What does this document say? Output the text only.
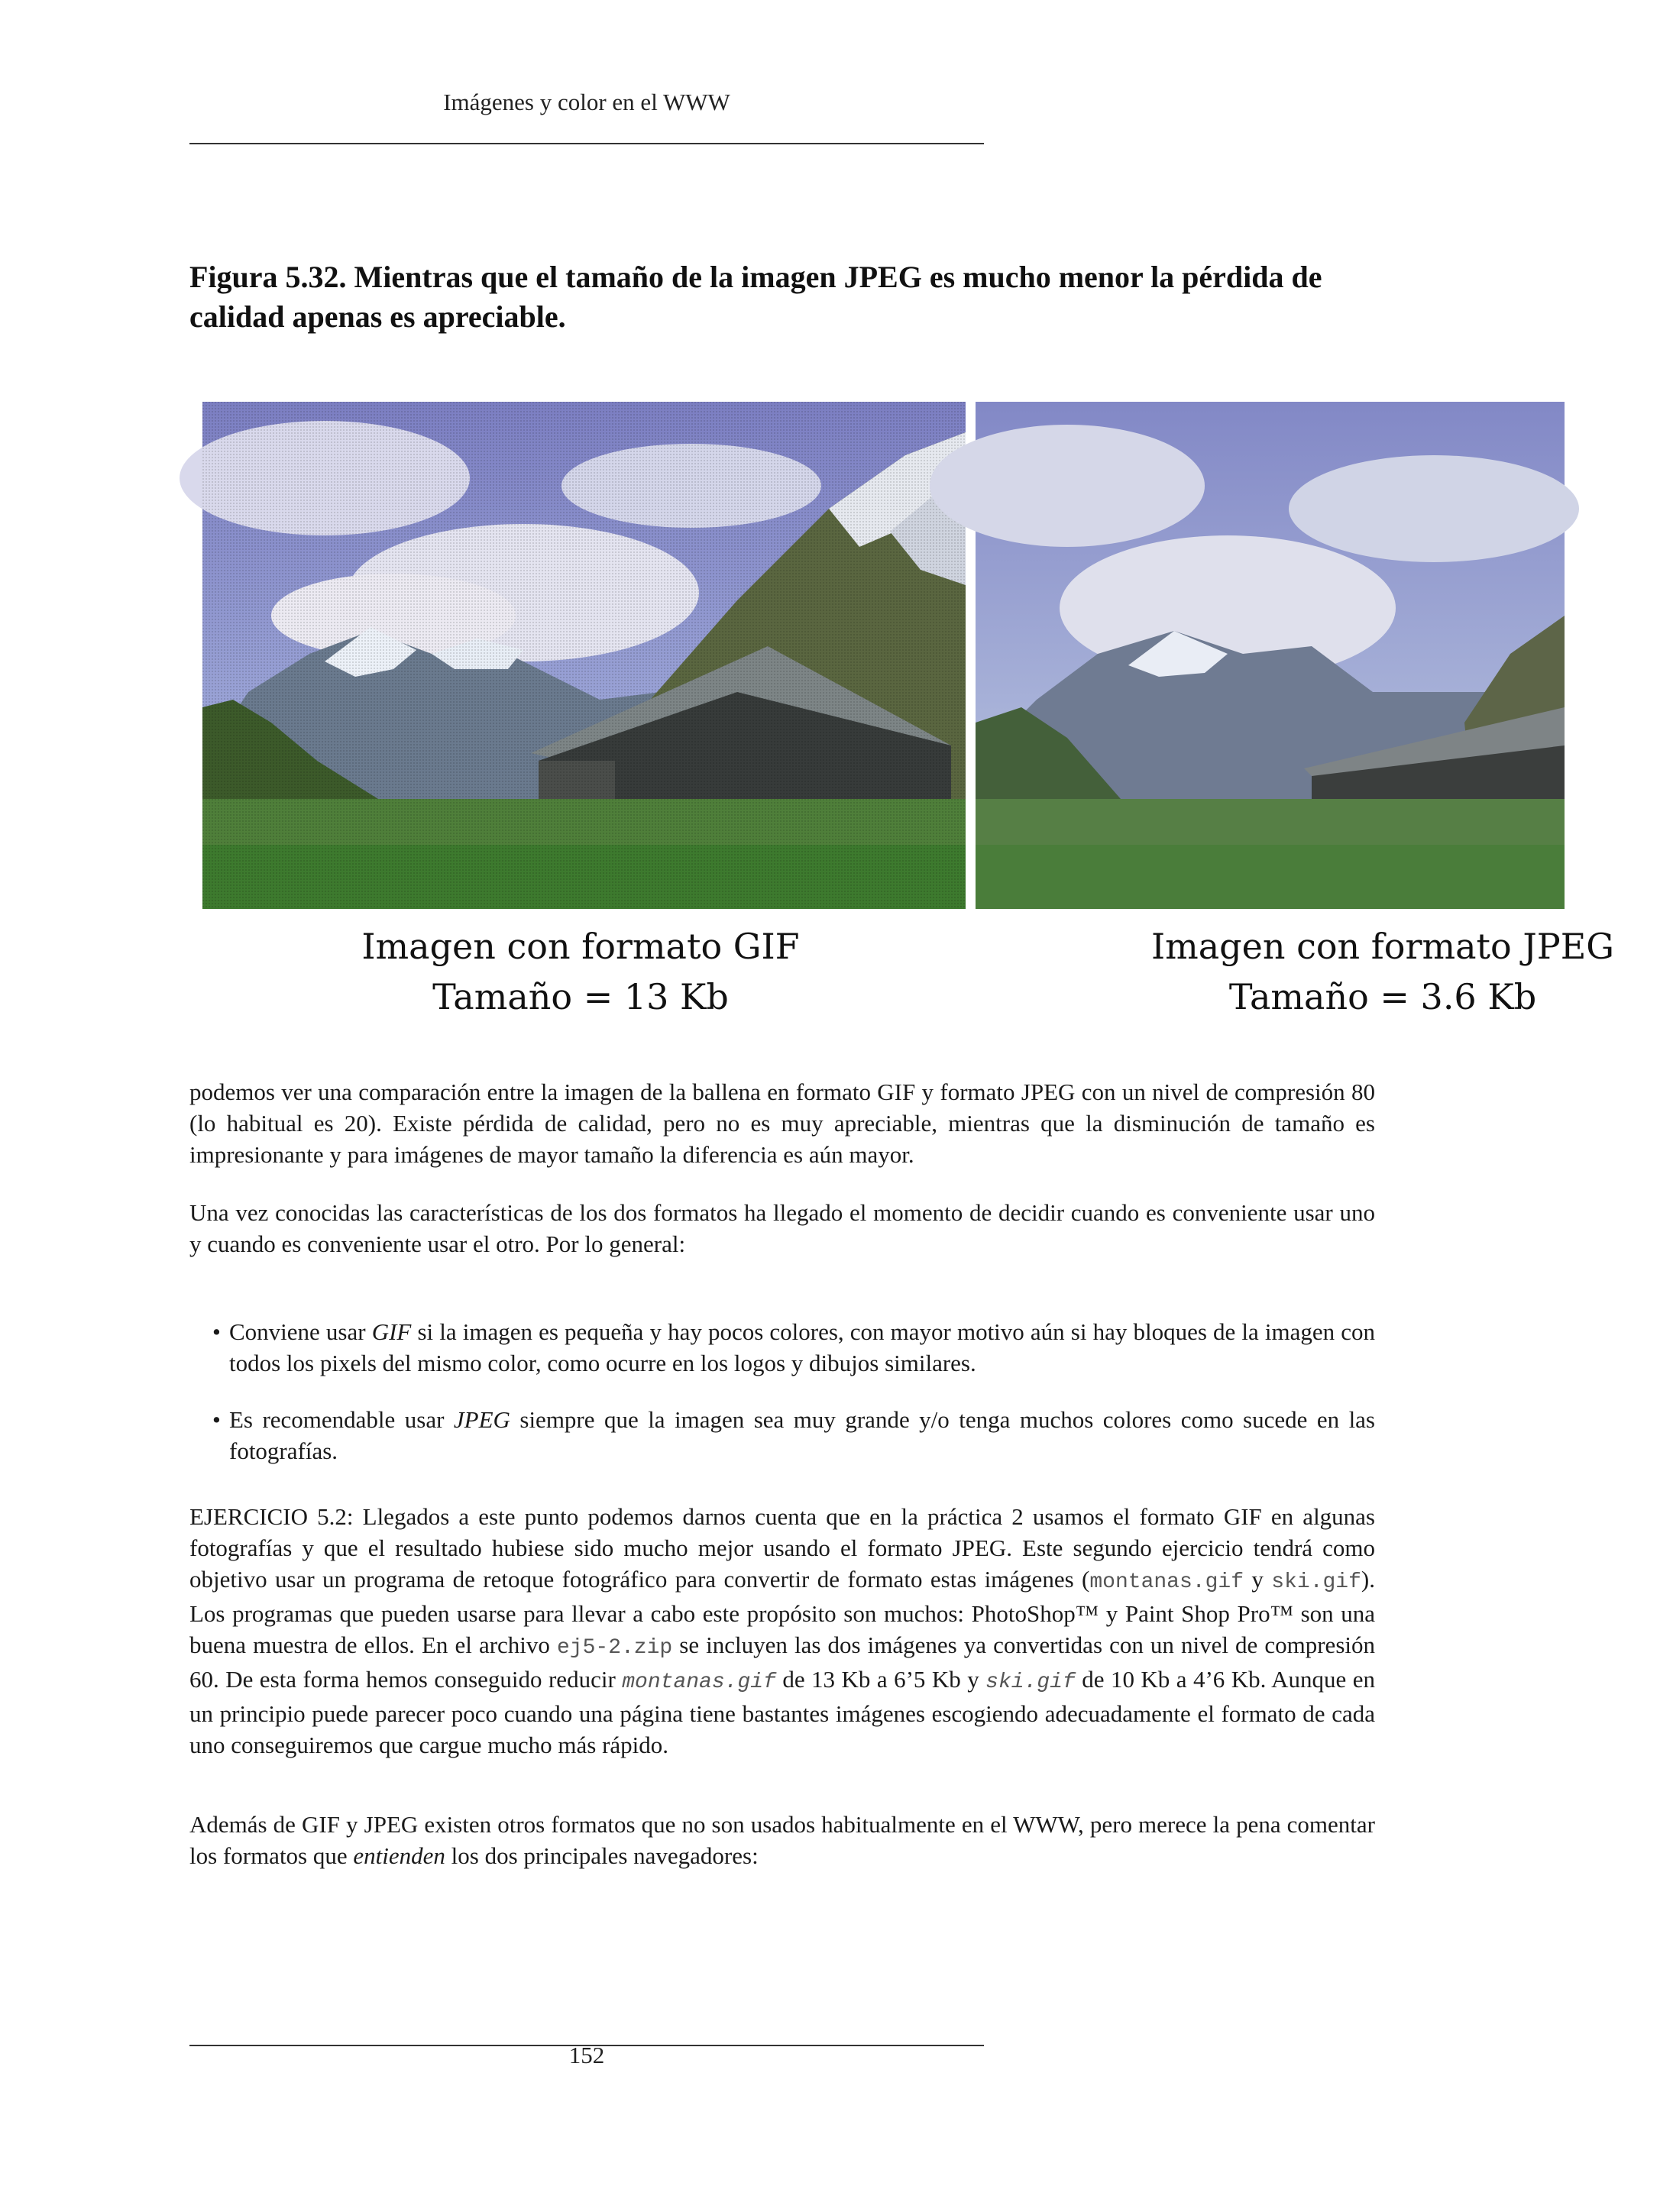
Imágenes y color en el WWW
Figura 5.32. Mientras que el tamaño de la imagen JPEG es mucho menor la pérdida de calidad apenas es apreciable.
Imagen con formato GIF
Tamaño = 13 Kb
Imagen con formato JPEG
Tamaño = 3.6 Kb

podemos ver una comparación entre la imagen de la ballena en formato GIF y formato JPEG con un nivel de compresión 80 (lo habitual es 20). Existe pérdida de calidad, pero no es muy apreciable, mientras que la disminución de tamaño es impresionante y para imágenes de mayor tamaño la diferencia es aún mayor.

Una vez conocidas las características de los dos formatos ha llegado el momento de decidir cuando es conveniente usar uno y cuando es conveniente usar el otro. Por lo general:

• Conviene usar GIF si la imagen es pequeña y hay pocos colores, con mayor motivo aún si hay bloques de la imagen con todos los pixels del mismo color, como ocurre en los logos y dibujos similares.
• Es recomendable usar JPEG siempre que la imagen sea muy grande y/o tenga muchos colores como sucede en las fotografías.

EJERCICIO 5.2: Llegados a este punto podemos darnos cuenta que en la práctica 2 usamos el formato GIF en algunas fotografías y que el resultado hubiese sido mucho mejor usando el formato JPEG. Este segundo ejercicio tendrá como objetivo usar un programa de retoque fotográfico para convertir de formato estas imágenes (montanas.gif y ski.gif). Los programas que pueden usarse para llevar a cabo este propósito son muchos: PhotoShop™ y Paint Shop Pro™ son una buena muestra de ellos. En el archivo ej5-2.zip se incluyen las dos imágenes ya convertidas con un nivel de compresión 60. De esta forma hemos conseguido reducir montanas.gif de 13 Kb a 6’5 Kb y ski.gif de 10 Kb a 4’6 Kb. Aunque en un principio puede parecer poco cuando una página tiene bastantes imágenes escogiendo adecuadamente el formato de cada uno conseguiremos que cargue mucho más rápido.

Además de GIF y JPEG existen otros formatos que no son usados habitualmente en el WWW, pero merece la pena comentar los formatos que entienden los dos principales navegadores:

152
